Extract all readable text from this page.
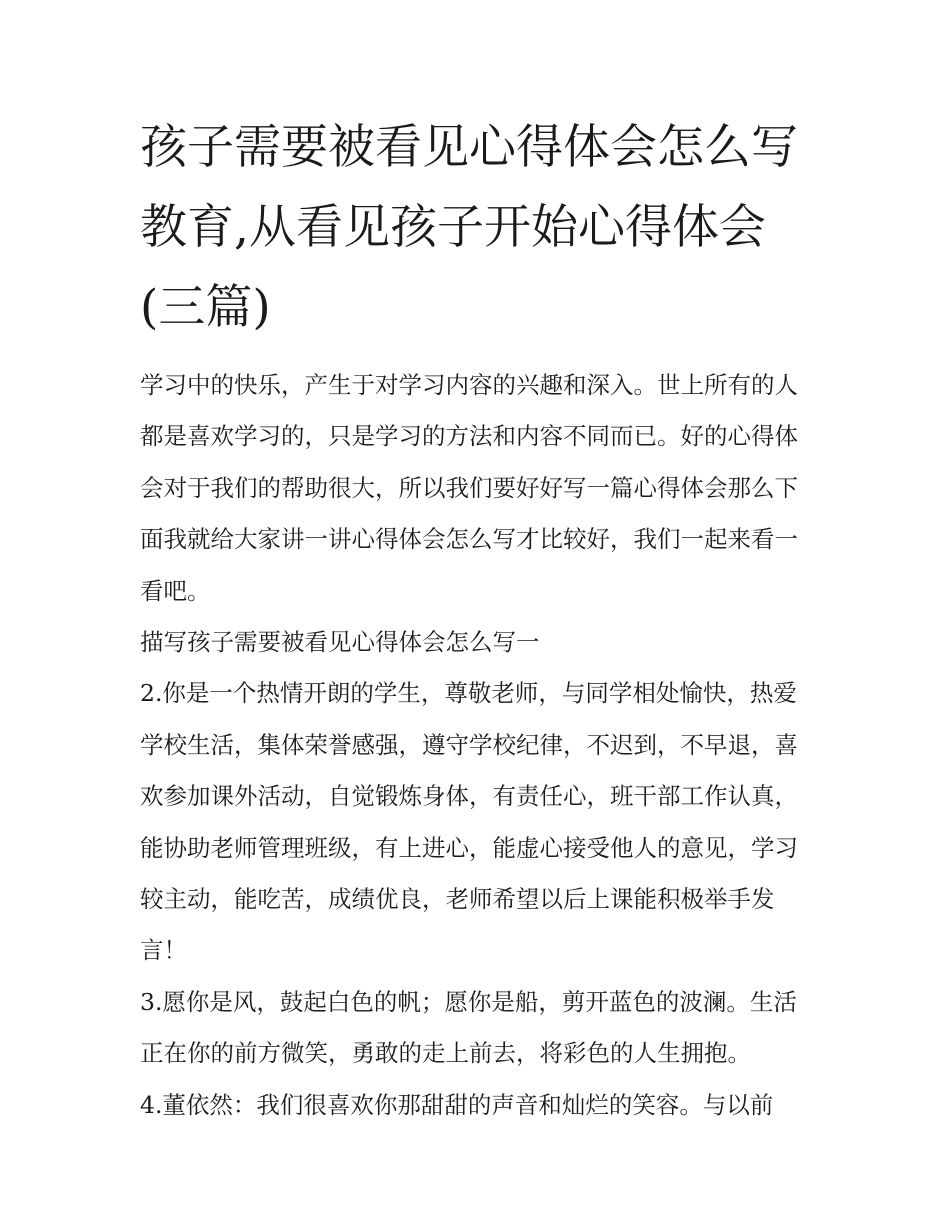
孩子需要被看见心得体会怎么写 教育,从看见孩子开始心得体会(三篇)

学习中的快乐，产生于对学习内容的兴趣和深入。世上所有的人都是喜欢学习的，只是学习的方法和内容不同而已。好的心得体会对于我们的帮助很大，所以我们要好好写一篇心得体会那么下面我就给大家讲一讲心得体会怎么写才比较好，我们一起来看一看吧。

描写孩子需要被看见心得体会怎么写一

2.你是一个热情开朗的学生，尊敬老师，与同学相处愉快，热爱学校生活，集体荣誉感强，遵守学校纪律，不迟到，不早退，喜欢参加课外活动，自觉锻炼身体，有责任心，班干部工作认真，能协助老师管理班级，有上进心，能虚心接受他人的意见，学习较主动，能吃苦，成绩优良，老师希望以后上课能积极举手发言！

3.愿你是风，鼓起白色的帆；愿你是船，剪开蓝色的波澜。生活正在你的前方微笑，勇敢的走上前去，将彩色的人生拥抱。

4.董依然：我们很喜欢你那甜甜的声音和灿烂的笑容。与以前
